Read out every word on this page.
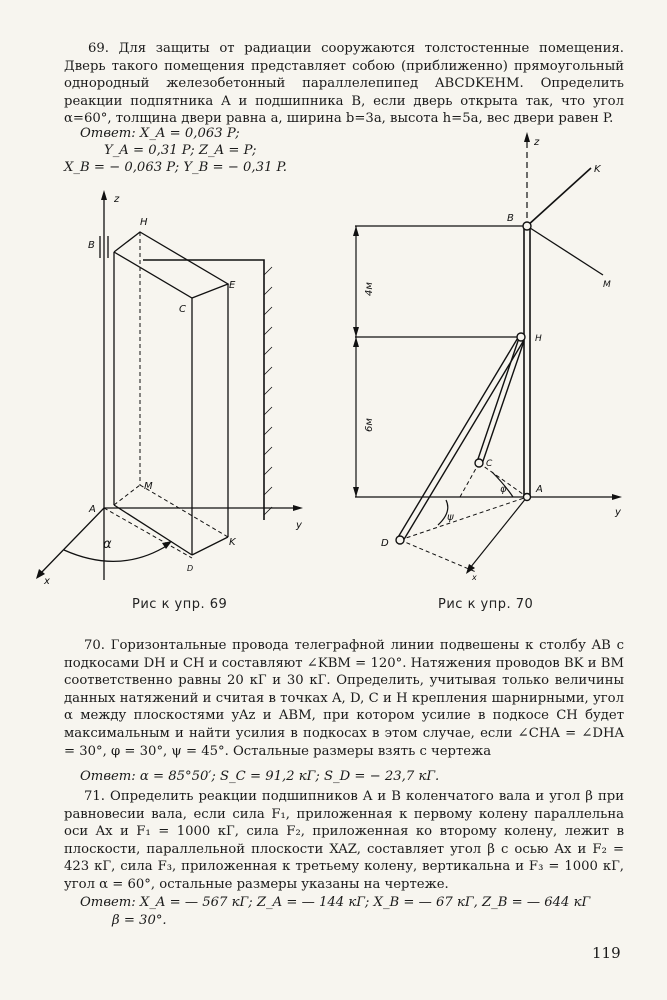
69. Для защиты от радиации сооружаются толстостенные помещения. Дверь такого помещения представляет собою (приближенно) прямоугольный однородный железобетонный параллелепипед ABCDKEHM. Определить реакции подпятника A и подшипника B, если дверь открыта так, что угол α=60°, толщина двери равна a, ширина b=3a, высота h=5a, вес двери равен P.

Ответ: X_A = 0,063 P;

Y_A = 0,31 P; Z_A = P;

X_B = − 0,063 P; Y_B = − 0,31 P.

z
H
B
E
C
M
A
K
D
y
x
α
z
K
B
M
H
C
A
D
y
x
φ
ψ
4м
6м
Рис к упр. 69	Рис к упр. 70

70. Горизонтальные провода телеграфной линии подвешены к столбу AB с подкосами DH и CH и составляют ∠KBM = 120°. Натяжения проводов BK и BM соответственно равны 20 кГ и 30 кГ. Определить, учитывая только величины данных натяжений и считая в точках A, D, C и H крепления шарнирными, угол α между плоскостями yAz и ABM, при котором усилие в подкосе CH будет максимальным и найти усилия в подкосах в этом случае, если ∠CHA = ∠DHA = 30°, φ = 30°, ψ = 45°. Остальные размеры взять с чертежа

Ответ: α = 85°50′; S_C = 91,2 кГ; S_D = − 23,7 кГ.

71. Определить реакции подшипников A и B коленчатого вала и угол β при равновесии вала, если сила F₁, приложенная к первому колену параллельна оси Ax и F₁ = 1000 кГ, сила F₂, приложенная ко второму колену, лежит в плоскости, параллельной плоскости XAZ, составляет угол β с осью Ax и F₂ = 423 кГ, сила F₃, приложенная к третьему колену, вертикальна и F₃ = 1000 кГ, угол α = 60°, остальные размеры указаны на чертеже.

Ответ: X_A = — 567 кГ; Z_A = — 144 кГ; X_B = — 67 кГ, Z_B = — 644 кГ

β = 30°.

119
